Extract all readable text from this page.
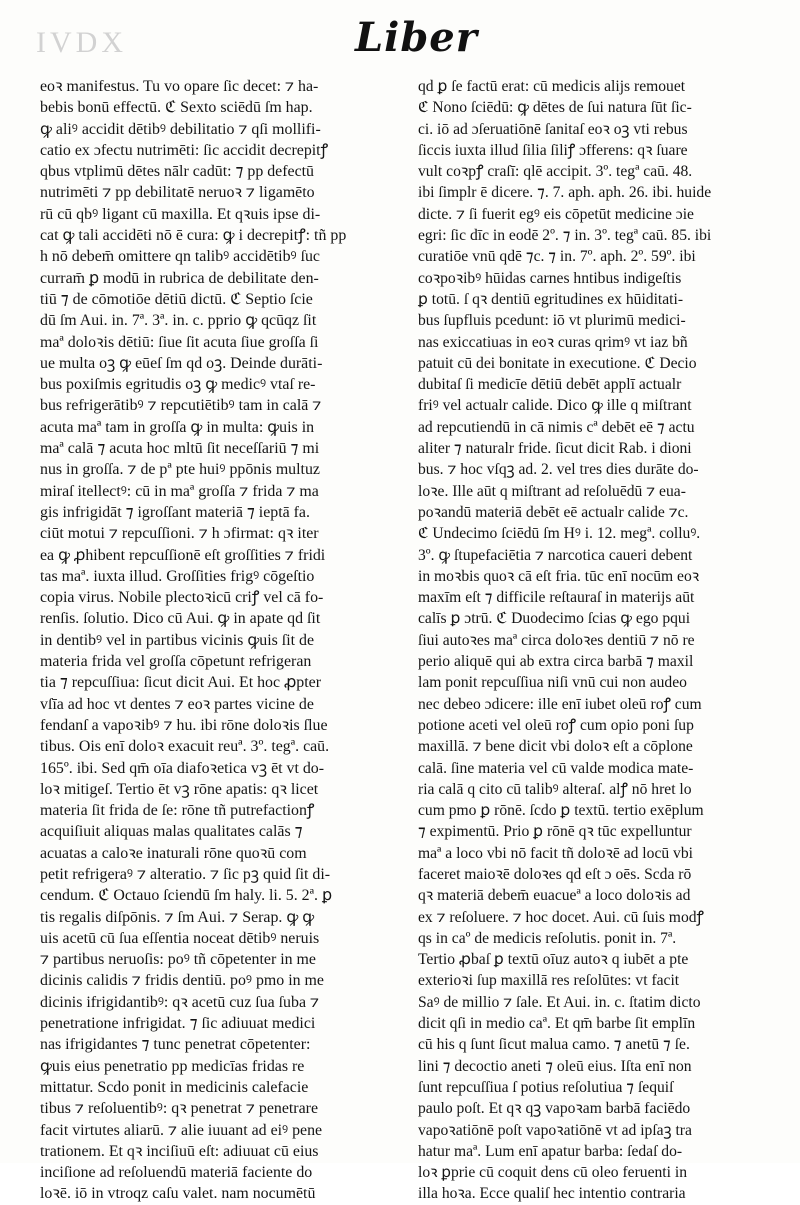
IVDX	Liber
eoꝛ manifestus. Tu vo opare ſic decet: ⁊ ha-
bebis bonū effectū. ℭ Sexto sciēdū ſm hap.
ꝙ aliꝰ accidit dētibꝰ debilitatio ⁊ qſi mollifi-
catio ex ɔfectu nutrimēti: ſic accidit decrepitꝭ
qbus vtplimū dētes nālr cadūt: ⁊ pp defectū
nutrimēti ⁊ pp debilitatē neruoꝛ ⁊ ligamēto
rū cū qbꝰ ligant cū maxilla. Et qꝛuis ipse di-
cat ꝙ tali accidēti nō ē cura: ꝙ i decrepitꝭ: tñ pp
h nō debem̄ omittere qn talibꝰ accidētibꝰ ſuc
curram̄ ꝑ modū in rubrica de debilitate den-
tiū ⁊ de cōmotiōe dētiū dictū. ℭ Septio ſcie
dū ſm Aui. in. 7ª. 3ª. in. c. pprio ꝙ qcūqz ſit
maª doloꝛis dētiū: ſiue ſit acuta ſiue groſſa ſi
ue multa oꝫ ꝙ eūeſ ſm qd oꝫ. Deinde durāti-
bus poxiſmis egritudis oꝫ ꝙ medicꝰ vtaſ re-
bus refrigerātibꝰ ⁊ repcutiētibꝰ tam in calā ⁊
acuta maª tam in groſſa ꝙ in multa: ꝙuis in
maª calā ⁊ acuta hoc mltū ſit neceſſariū ⁊ mi
nus in groſſa. ⁊ de pª pte huiꝰ ppōnis multuz
miraſ itellectꝰ: cū in maª groſſa ⁊ frida ⁊ ma
gis infrigidāt ⁊ igroſſant materiā ⁊ ieptā fa.
ciūt motui ⁊ repcuſſioni. ⁊ h ɔfirmat: qꝛ iter
ea ꝙ ꝓhibent repcuſſionē eſt groſſities ⁊ fridi
tas maª. iuxta illud. Groſſities frigꝰ cōgeſtio
copia virus. Nobile plectoꝛicū criꝭ vel cā fo-
renſis. ſolutio. Dico cū Aui. ꝙ in apate qd ſit
in dentibꝰ vel in partibus vicinis ꝙuis ſit de
materia frida vel groſſa cōpetunt refrigeran
tia ⁊ repcuſſiua: ſicut dicit Aui. Et hoc ꝓpter
vſīa ad hoc vt dentes ⁊ eoꝛ partes vicine de
fendanſ a vapoꝛibꝰ ⁊ hu. ibi rōne doloꝛis ſlue
tibus. Ois enī doloꝛ exacuit reuª. 3º. tegª. caū.
165º. ibi. Sed qm̄ oīa diafoꝛetica vꝫ ēt vt do-
loꝛ mitigeſ. Tertio ēt vꝫ rōne apatis: qꝛ licet
materia ſit frida de ſe: rōne tñ putrefactionꝭ
acquiſiuit aliquas malas qualitates calās ⁊
acuatas a caloꝛe inaturali rōne quoꝛū com
petit refrigeraꝰ ⁊ alteratio. ⁊ ſic pꝫ quid ſit di-
cendum. ℭ Octauo ſciendū ſm haly. li. 5. 2ª. ꝑ
tis regalis diſpōnis. ⁊ ſm Aui. ⁊ Serap. ꝙ ꝙ
uis acetū cū ſua eſſentia noceat dētibꝰ neruis
⁊ partibus neruoſis: poꝰ tñ cōpetenter in me
dicinis calidis ⁊ fridis dentiū. poꝰ pmo in me
dicinis ifrigidantibꝰ: qꝛ acetū cuz ſua ſuba ⁊
penetratione infrigidat. ⁊ ſic adiuuat medici
nas ifrigidantes ⁊ tunc penetrat cōpetenter:
ꝙuis eius penetratio pp medicīas fridas re
mittatur. Scdo ponit in medicinis calefacie
tibus ⁊ reſoluentibꝰ: qꝛ penetrat ⁊ penetrare
facit virtutes aliarū. ⁊ alie iuuant ad eiꝰ pene
trationem. Et qꝛ inciſiuū eſt: adiuuat cū eius
inciſione ad reſoluendū materiā faciente do
loꝛē. iō in vtroqz caſu valet. nam nocumētū
qd ꝑ ſe factū erat: cū medicis alijs remouet
ℭ Nono ſciēdū: ꝙ dētes de ſui natura ſūt ſic-
ci. iō ad ɔſeruatiōnē ſanitaſ eoꝛ oꝫ vti rebus
ſiccis iuxta illud ſilia ſiliꝭ ɔfferens: qꝛ ſuare
vult coꝛpꝭ craſī: qlē accipit. 3º. tegª caū. 48.
ibi ſimplr ē dicere. ⁊. 7. aph. aph. 26. ibi. huide
dicte. ⁊ ſi fuerit egꝰ eis cōpetūt medicine ɔie
egri: ſic dīc in eodē 2º. ⁊ in. 3º. tegª caū. 85. ibi
curatiōe vnū qdē ⁊c. ⁊ in. 7º. aph. 2º. 59º. ibi
coꝛpoꝛibꝰ hūidas carnes hntibus indigeſtis
ꝑ totū. ſ qꝛ dentiū egritudines ex hūiditati-
bus ſupfluis pcedunt: iō vt plurimū medici-
nas exiccatiuas in eoꝛ curas qrimꝰ vt iaz bñ
patuit cū dei bonitate in executione. ℭ Decio
dubitaſ ſi medicīe dētiū debēt applī actualr
friꝰ vel actualr calide. Dico ꝙ ille q miſtrant
ad repcutiendū in cā nimis cª debēt eē ⁊ actu
aliter ⁊ naturalr fride. ſicut dicit Rab. i dioni
bus. ⁊ hoc vſqꝫ ad. 2. vel tres dies durāte do-
loꝛe. Ille aūt q miſtrant ad reſoluēdū ⁊ eua-
poꝛandū materiā debēt eē actualr calide ⁊c.
ℭ Undecimo ſciēdū ſm Hꝰ i. 12. megª. colluꝰ.
3º. ꝙ ſtupefaciētia ⁊ narcotica caueri debent
in moꝛbis quoꝛ cā eſt fria. tūc enī nocūm eoꝛ
maxīm eſt ⁊ difficile reſtauraſ in materijs aūt
calīs ꝑ ɔtrū. ℭ Duodecimo ſcias ꝙ ego pqui
ſiui autoꝛes maª circa doloꝛes dentiū ⁊ nō re
perio aliquē qui ab extra circa barbā ⁊ maxil
lam ponit repcuſſiua niſi vnū cui non audeo
nec debeo ɔdicere: ille enī iubet oleū roꝭ cum
potione aceti vel oleū roꝭ cum opio poni ſup
maxillā. ⁊ bene dicit vbi doloꝛ eſt a cōplone
calā. ſine materia vel cū valde modica mate-
ria calā q cito cū talibꝰ alteraſ. alꝭ nō hret lo
cum pmo ꝑ rōnē. ſcdo ꝑ textū. tertio exēplum
⁊ expimentū. Prio ꝑ rōnē qꝛ tūc expelluntur
maª a loco vbi nō facit tñ doloꝛē ad locū vbi
faceret maioꝛē doloꝛes qd eſt ɔ oēs. Scda rō
qꝛ materiā debem̄ euacueª a loco doloꝛis ad
ex ⁊ reſoluere. ⁊ hoc docet. Aui. cū ſuis modꝭ
qs in caº de medicis reſolutis. ponit in. 7ª.
Tertio ꝓbaſ ꝑ textū oīuz autoꝛ q iubēt a pte
exterioꝛi ſup maxillā res reſolūtes: vt facit
Saꝰ de millio ⁊ ſale. Et Aui. in. c. ſtatim dicto
dicit qſi in medio caª. Et qm̄ barbe ſit emplīn
cū his q ſunt ſicut malua camo. ⁊ anetū ⁊ ſe.
lini ⁊ decoctio aneti ⁊ oleū eius. Iſta enī non
ſunt repcuſſiua ſ potius reſolutiua ⁊ ſequiſ
paulo poſt. Et qꝛ qꝫ vapoꝛam barbā faciēdo
vapoꝛatiōnē poſt vapoꝛatiōnē vt ad ipſaꝫ tra
hatur maª. Lum enī apatur barba: ſedaſ do-
loꝛ ꝑprie cū coquit dens cū oleo feruenti in
illa hoꝛa. Ecce qualiſ hec intentio contraria
